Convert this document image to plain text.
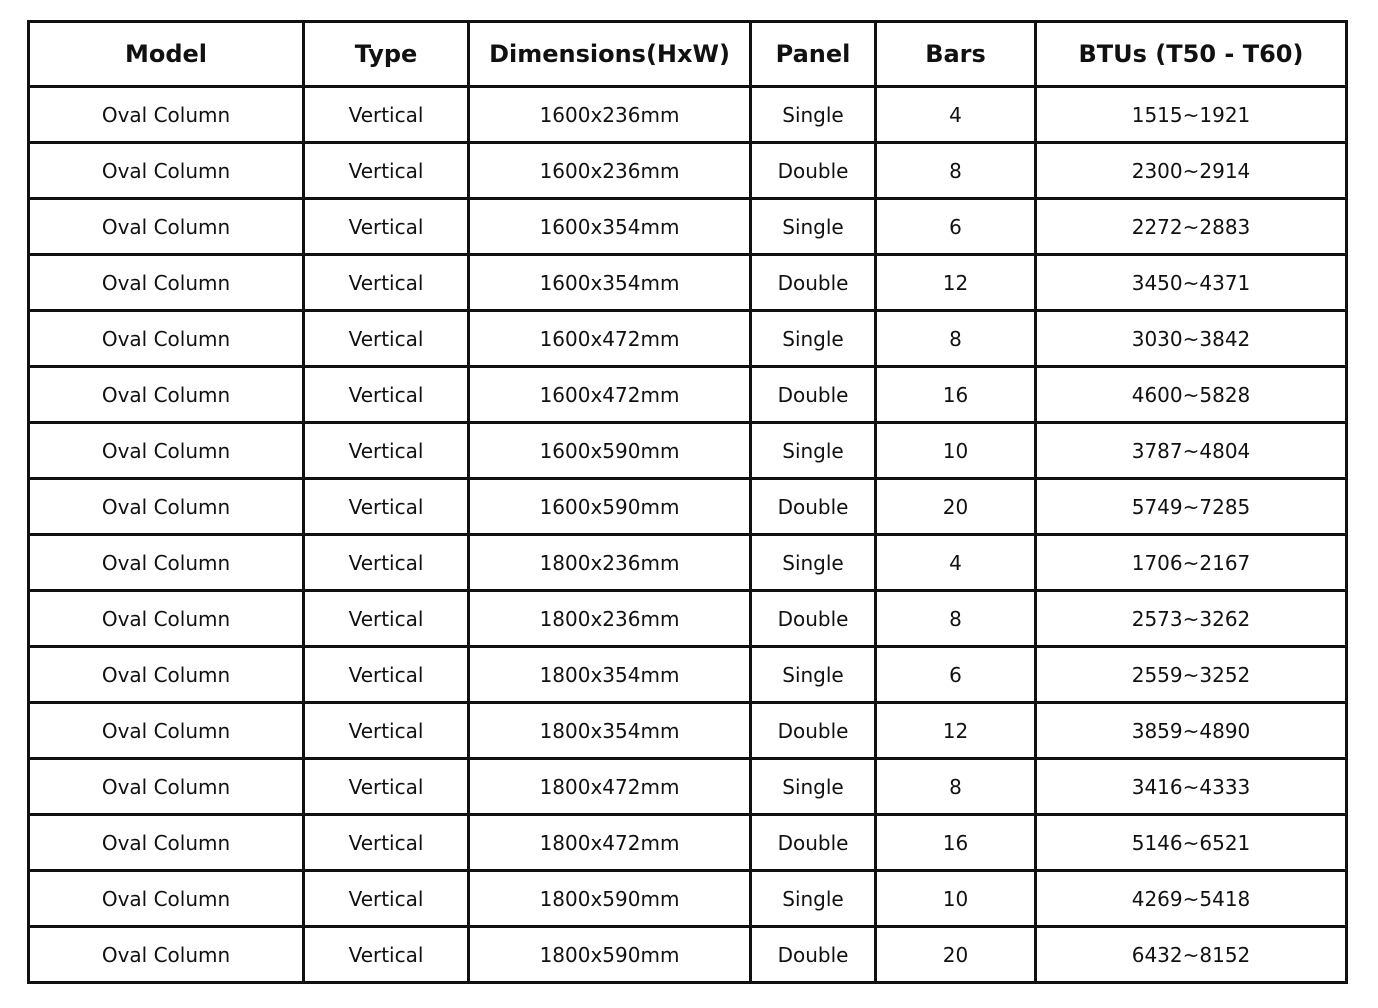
Model	Type	Dimensions(HxW)	Panel	Bars	BTUs (T50 - T60)
Oval Column	Vertical	1600x236mm	Single	4	1515~1921
Oval Column	Vertical	1600x236mm	Double	8	2300~2914
Oval Column	Vertical	1600x354mm	Single	6	2272~2883
Oval Column	Vertical	1600x354mm	Double	12	3450~4371
Oval Column	Vertical	1600x472mm	Single	8	3030~3842
Oval Column	Vertical	1600x472mm	Double	16	4600~5828
Oval Column	Vertical	1600x590mm	Single	10	3787~4804
Oval Column	Vertical	1600x590mm	Double	20	5749~7285
Oval Column	Vertical	1800x236mm	Single	4	1706~2167
Oval Column	Vertical	1800x236mm	Double	8	2573~3262
Oval Column	Vertical	1800x354mm	Single	6	2559~3252
Oval Column	Vertical	1800x354mm	Double	12	3859~4890
Oval Column	Vertical	1800x472mm	Single	8	3416~4333
Oval Column	Vertical	1800x472mm	Double	16	5146~6521
Oval Column	Vertical	1800x590mm	Single	10	4269~5418
Oval Column	Vertical	1800x590mm	Double	20	6432~8152
